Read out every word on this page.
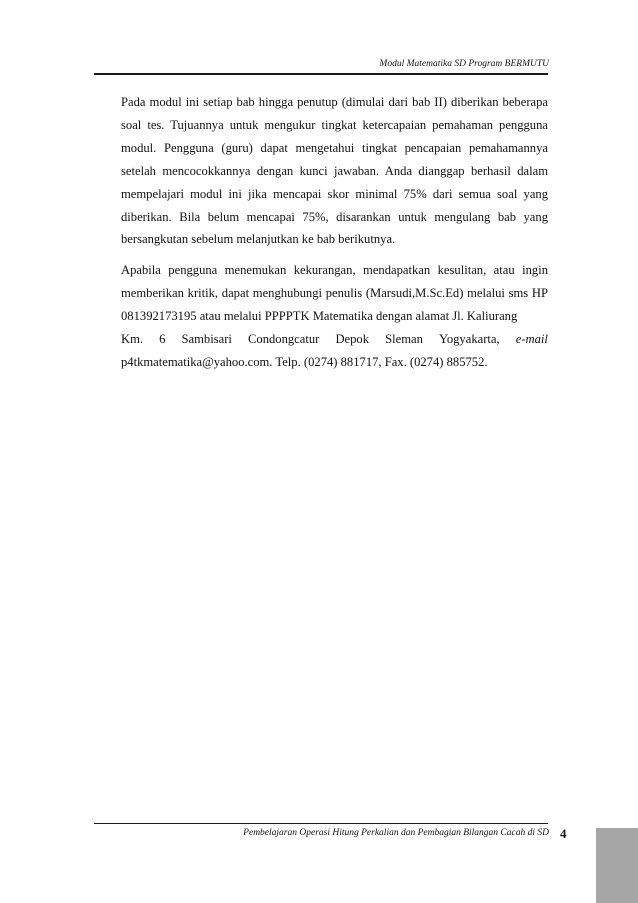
Modul Matematika SD Program BERMUTU

Pada modul ini setiap bab hingga penutup (dimulai dari bab II) diberikan beberapa soal tes. Tujuannya untuk mengukur tingkat ketercapaian pemahaman pengguna modul. Pengguna (guru) dapat mengetahui tingkat pencapaian pemahamannya setelah mencocokkannya dengan kunci jawaban. Anda dianggap berhasil dalam mempelajari modul ini jika mencapai skor minimal 75% dari semua soal yang diberikan. Bila belum mencapai 75%, disarankan untuk mengulang bab yang bersangkutan sebelum melanjutkan ke bab berikutnya.

Apabila pengguna menemukan kekurangan, mendapatkan kesulitan, atau ingin memberikan kritik, dapat menghubungi penulis (Marsudi,M.Sc.Ed) melalui sms HP 081392173195 atau melalui PPPPTK Matematika dengan alamat Jl. Kaliurang

Km. 6 Sambisari Condongcatur Depok Sleman Yogyakarta, e-mail

p4tkmatematika@yahoo.com. Telp. (0274) 881717, Fax. (0274) 885752.

Pembelajaran Operasi Hitung Perkalian dan Pembagian Bilangan Cacah di SD 4
